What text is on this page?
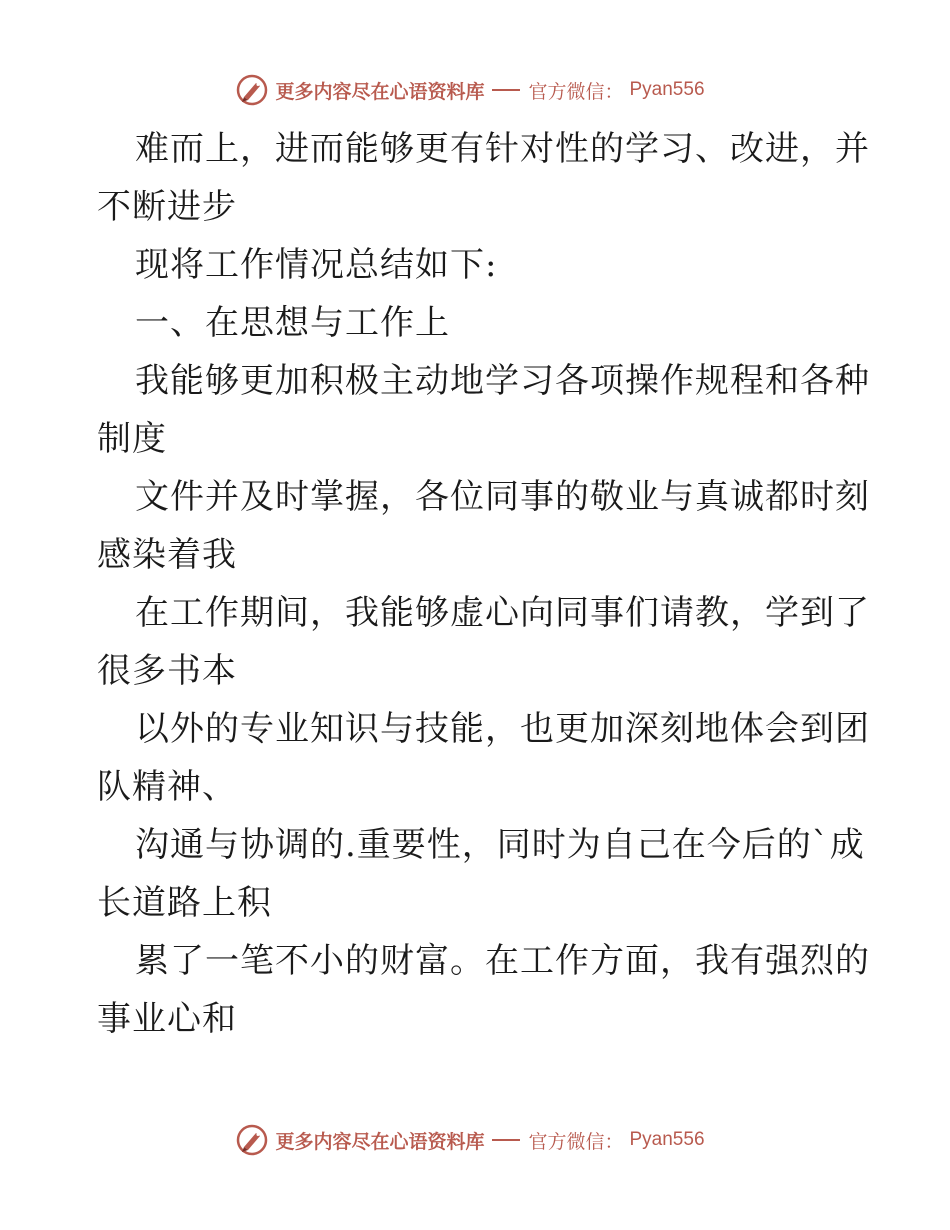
更多内容尽在心语资料库 官方微信： Pyan556
难而上，进而能够更有针对性的学习、改进，并
不断进步
现将工作情况总结如下:
一、在思想与工作上
我能够更加积极主动地学习各项操作规程和各种
制度
文件并及时掌握，各位同事的敬业与真诚都时刻
感染着我
在工作期间，我能够虚心向同事们请教，学到了
很多书本
以外的专业知识与技能，也更加深刻地体会到团
队精神、
沟通与协调的.重要性，同时为自己在今后的`成
长道路上积
累了一笔不小的财富。在工作方面，我有强烈的
事业心和
更多内容尽在心语资料库 官方微信： Pyan556
